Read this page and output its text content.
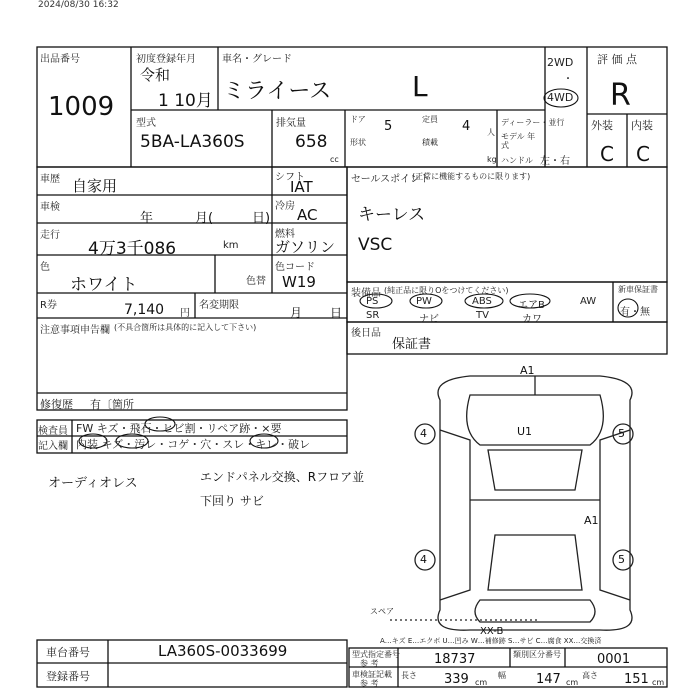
2024/08/30 16:32
出品番号
1009
初度登録年月
令和
1 10月
車名・グレード
ミライース	L
2WD
・
4WD
評 価 点
R
型式
5BA-LA360S
排気量
658
cc
ドア 5	定員 4 人
形状	積載
kg
ディーラー・並行
モデル 年式
ハンドル 左・右
外装 内装
C C
車歴 自家用
車検
年	月(	日)
走行
4万3千086	km
色
ホワイト	色替
R券	7,140 円
名変期限
月 日
シフト
IAT
冷房 AC
燃料
ガソリン
色コード
W19
セールスポイント
(正常に機能するものに限ります)
キーレス
VSC
装備品 (純正品に限りOをつけてください)
PS	PW	ABS	エアB	AW
SR	ナビ	TV	カワ
新車保証書
有・無
後日品
保証書
注意事項申告欄 (不具合箇所は具体的に記入して下さい)
修復歴 有〔箇所
検査員
記入欄
FW キズ・飛石・ヒビ割・リペア跡・×要
内装 キズ・汚レ・コゲ・穴・スレ・キレ・破レ
オーディオレス	エンドパネル交換、Rフロア並
下回り サビ
A1
U1
4	5
A1
4	5
スペア
XX-B
A…キズ E…エクボ U…凹み W…補修跡 S…サビ C…腐食 XX…交換済
車台番号	LA360S-0033699
登録番号
型式指定番号
参 考	18737	類別区分番号	0001
車検証記載
参 考
長さ 339 cm
幅 147 cm
高さ 151 cm
